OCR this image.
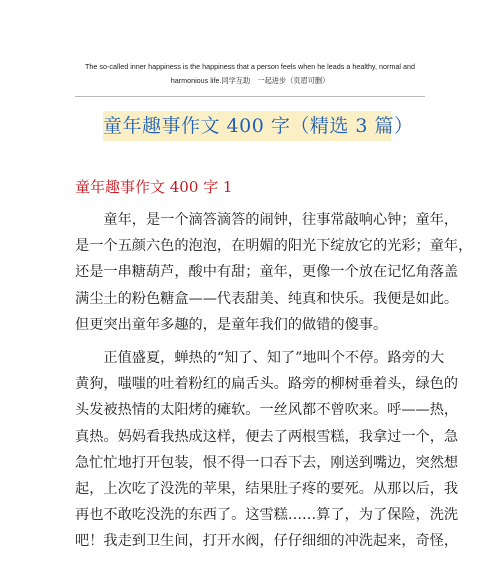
The so-called inner happiness is the happiness that a person feels when he leads a healthy, normal and
harmonious life.同学互助　一起进步（页眉可删）
童年趣事作文 400 字（精选 3 篇）
童年趣事作文 400 字 1
　　童年，是一个滴答滴答的闹钟，往事常敲响心钟；童年，
是一个五颜六色的泡泡，在明媚的阳光下绽放它的光彩；童年，
还是一串糖葫芦，酸中有甜；童年，更像一个放在记忆角落盖
满尘土的粉色糖盒——代表甜美、纯真和快乐。我便是如此。
但更突出童年多趣的，是童年我们的做错的傻事。
　　正值盛夏，蝉热的“知了、知了”地叫个不停。路旁的大
黄狗，嗤嗤的吐着粉红的扁舌头。路旁的柳树垂着头，绿色的
头发被热情的太阳烤的瘫软。一丝风都不曾吹来。呼——热，
真热。妈妈看我热成这样，便去了两根雪糕，我拿过一个，急
急忙忙地打开包装，恨不得一口吞下去，刚送到嘴边，突然想
起，上次吃了没洗的苹果，结果肚子疼的要死。从那以后，我
再也不敢吃没洗的东西了。这雪糕……算了，为了保险，洗洗
吧！我走到卫生间，打开水阀，仔仔细细的冲洗起来，奇怪，
